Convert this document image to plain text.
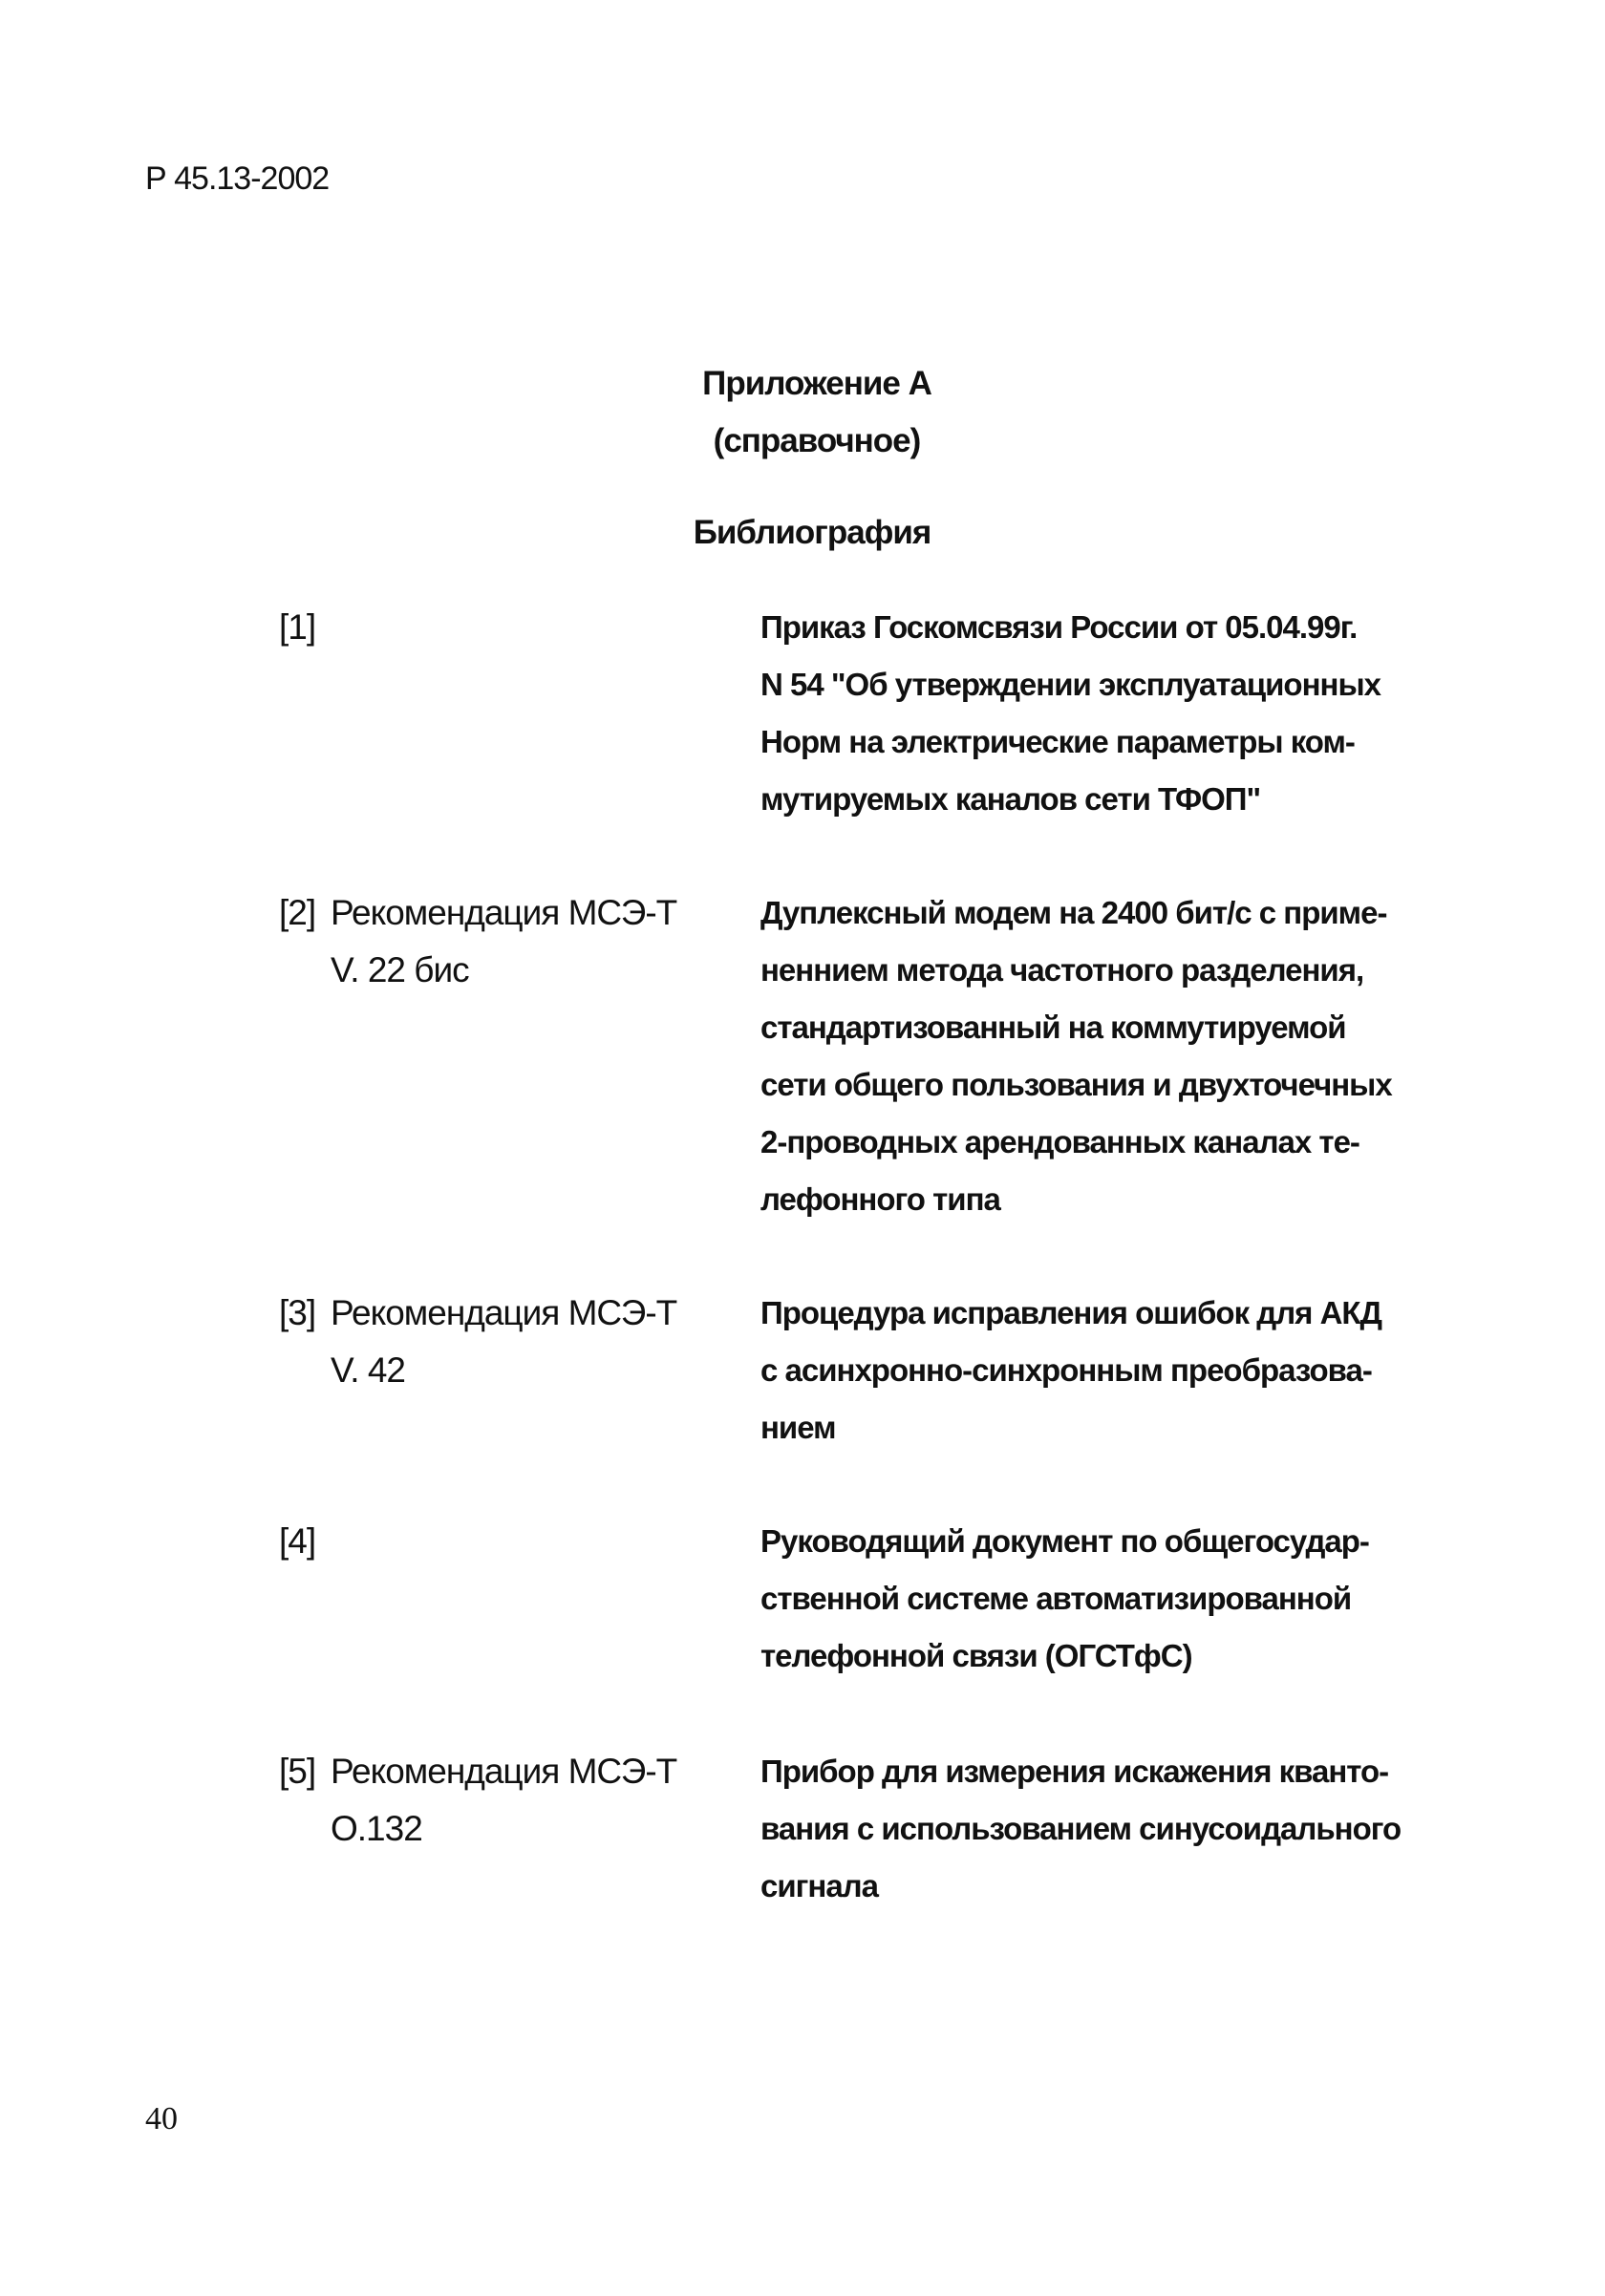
Р 45.13-2002
Приложение А
(справочное)
Библиография
[1]	Приказ Госкомсвязи России от 05.04.99г.
N 54 "Об утверждении эксплуатационных
Норм на электрические параметры ком-
мутируемых каналов сети ТФОП"
[2] Рекомендация МСЭ-Т
V. 22 бис
Дуплексный модем на 2400 бит/с с приме-
неннием метода частотного разделения,
стандартизованный на коммутируемой
сети общего пользования и двухточечных
2-проводных арендованных каналах те-
лефонного типа
[3] Рекомендация МСЭ-Т
V. 42
Процедура исправления ошибок для АКД
с асинхронно-синхронным преобразова-
нием
[4]	Руководящий документ по общегосудар-
ственной системе автоматизированной
телефонной связи (ОГСТфС)
[5] Рекомендация МСЭ-Т
О.132
Прибор для измерения искажения кванто-
вания с использованием синусоидального
сигнала
40
